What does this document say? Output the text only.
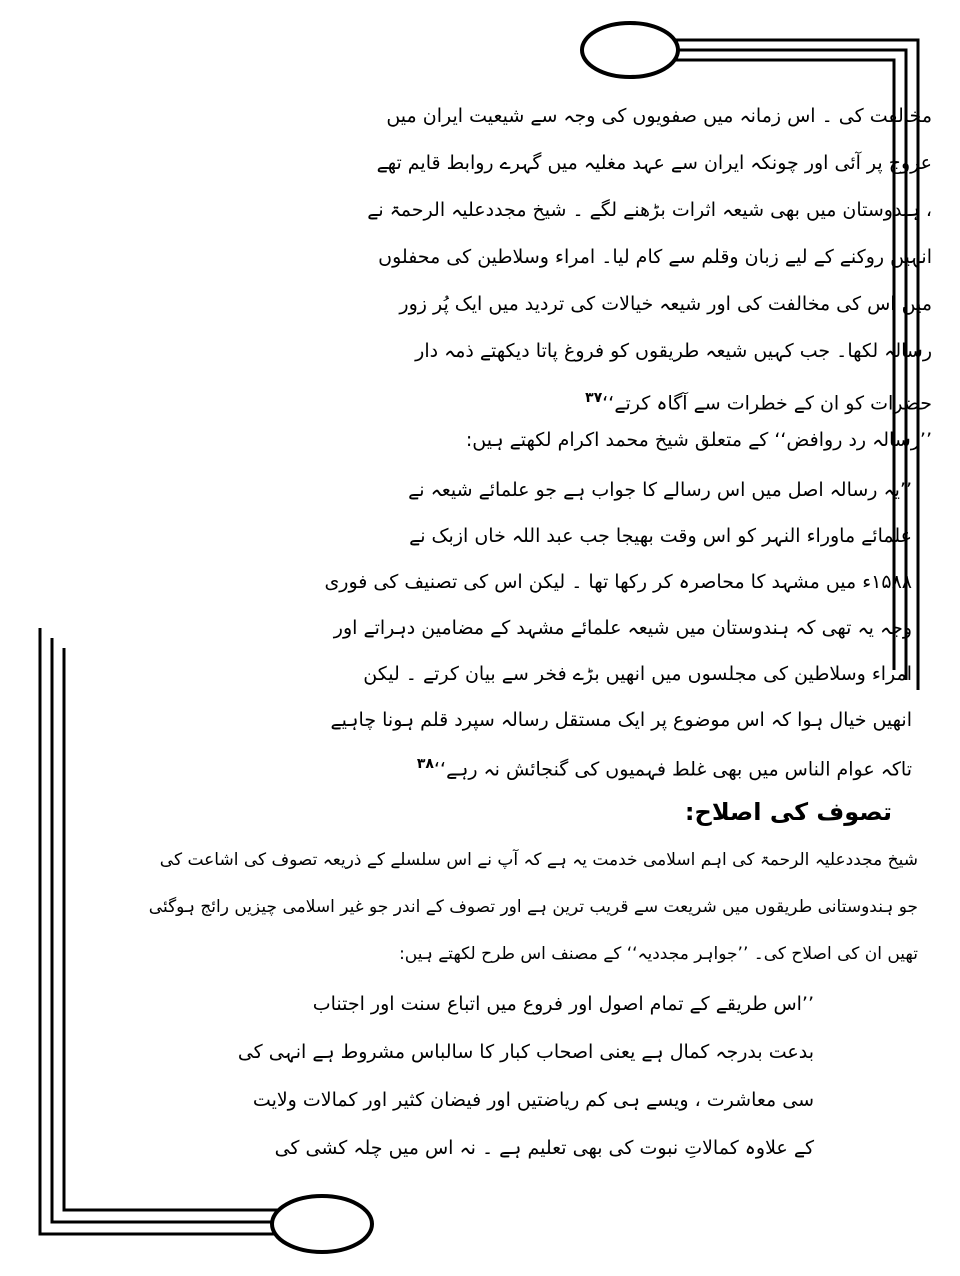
مخالفت کی ۔ اس زمانہ میں صفویوں کی وجہ سے شیعیت ایران میں
عروج پر آئی اور چونکہ ایران سے عہد مغلیہ میں گہرے روابط قایم تھے
، ہندوستان میں بھی شیعہ اثرات بڑھنے لگے ۔ شیخ مجددعلیہ الرحمۃ نے
انہیں روکنے کے لیے زبان وقلم سے کام لیا۔ امراء وسلاطین کی محفلوں
میں اس کی مخالفت کی اور شیعہ خیالات کی تردید میں ایک پُر زور
رسالہ لکھا۔ جب کہیں شیعہ طریقوں کو فروغ پاتا دیکھتے ذمہ دار
حضرات کو ان کے خطرات سے آگاہ کرتے‘‘$^{۳۷}$
’’رسالہ رد روافض‘‘ کے متعلق شیخ محمد اکرام لکھتے ہیں:
’’یہ رسالہ اصل میں اس رسالے کا جواب ہے جو علمائے شیعہ نے
علمائے ماوراء النہر کو اس وقت بھیجا جب عبد اللہ خاں ازبک نے
۱۵۸۸ء میں مشہد کا محاصرہ کر رکھا تھا ۔ لیکن اس کی تصنیف کی فوری
وجہ یہ تھی کہ ہندوستان میں شیعہ علمائے مشہد کے مضامین دہراتے اور
امراء وسلاطین کی مجلسوں میں انھیں بڑے فخر سے بیان کرتے ۔ لیکن
انھیں خیال ہوا کہ اس موضوع پر ایک مستقل رسالہ سپرد قلم ہونا چاہیے
تاکہ عوام الناس میں بھی غلط فہمیوں کی گنجائش نہ رہے‘‘$^{۳۸}$
تصوف کی اصلاح:
شیخ مجددعلیہ الرحمۃ کی اہم اسلامی خدمت یہ ہے کہ آپ نے اس سلسلے کے ذریعہ تصوف کی اشاعت کی
جو ہندوستانی طریقوں میں شریعت سے قریب ترین ہے اور تصوف کے اندر جو غیر اسلامی چیزیں رائج ہوگئی
تھیں ان کی اصلاح کی۔ ’’جواہر مجددیہ‘‘ کے مصنف اس طرح لکھتے ہیں:
’’اس طریقے کے تمام اصول اور فروع میں اتباع سنت اور اجتناب
بدعت بدرجہ کمال ہے یعنی اصحاب کبار کا سالباس مشروط ہے انہی کی
سی معاشرت ، ویسے ہی کم ریاضتیں اور فیضان کثیر اور کمالات ولایت
کے علاوہ کمالاتِ نبوت کی بھی تعلیم ہے ۔ نہ اس میں چلہ کشی کی
